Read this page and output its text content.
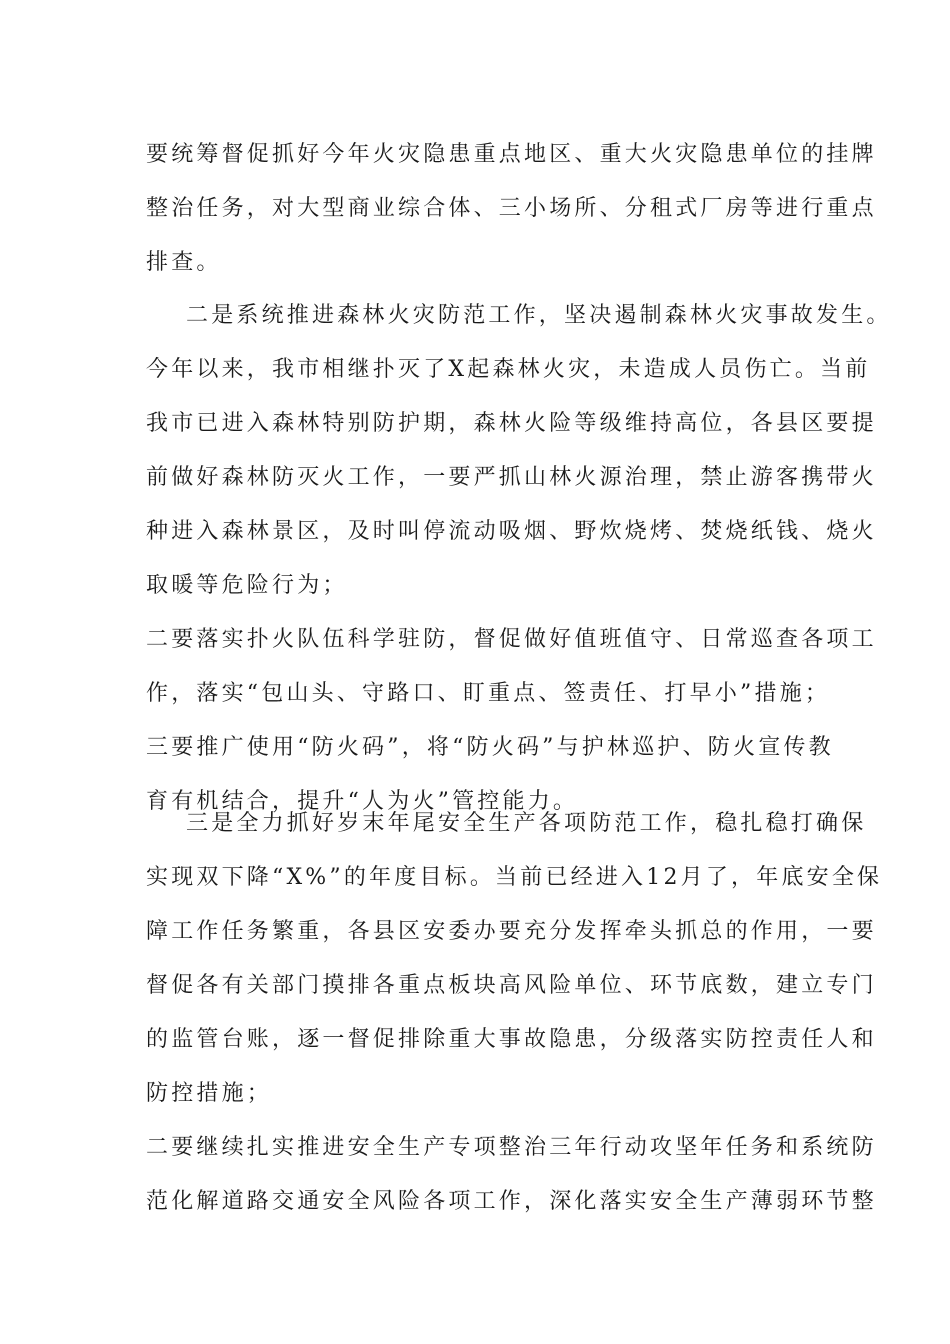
要统筹督促抓好今年火灾隐患重点地区、重大火灾隐患单位的挂牌
整治任务，对大型商业综合体、三小场所、分租式厂房等进行重点
排查。
二是系统推进森林火灾防范工作，坚决遏制森林火灾事故发生。
今年以来，我市相继扑灭了X起森林火灾，未造成人员伤亡。当前
我市已进入森林特别防护期，森林火险等级维持高位，各县区要提
前做好森林防灭火工作，一要严抓山林火源治理，禁止游客携带火
种进入森林景区，及时叫停流动吸烟、野炊烧烤、焚烧纸钱、烧火
取暖等危险行为；
二要落实扑火队伍科学驻防，督促做好值班值守、日常巡查各项工
作，落实“包山头、守路口、盯重点、签责任、打早小”措施；
三要推广使用“防火码”，将“防火码”与护林巡护、防火宣传教
育有机结合，提升“人为火”管控能力。
三是全力抓好岁末年尾安全生产各项防范工作，稳扎稳打确保
实现双下降“X%”的年度目标。当前已经进入12月了，年底安全保
障工作任务繁重，各县区安委办要充分发挥牵头抓总的作用，一要
督促各有关部门摸排各重点板块高风险单位、环节底数，建立专门
的监管台账，逐一督促排除重大事故隐患，分级落实防控责任人和
防控措施；
二要继续扎实推进安全生产专项整治三年行动攻坚年任务和系统防
范化解道路交通安全风险各项工作，深化落实安全生产薄弱环节整
